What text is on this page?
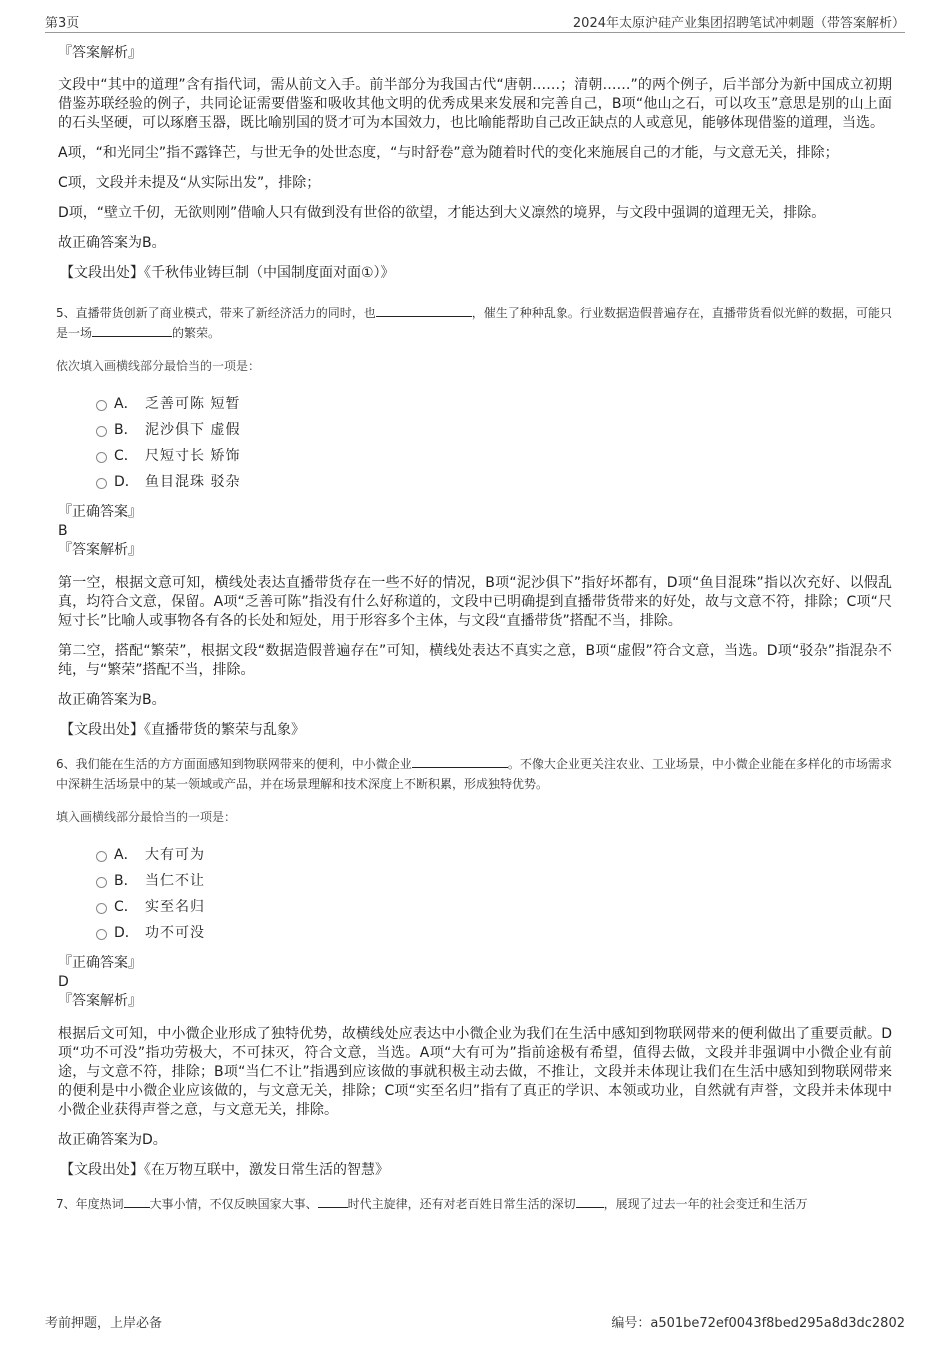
第3页	2024年太原沪硅产业集团招聘笔试冲刺题（带答案解析）
『答案解析』

文段中“其中的道理”含有指代词，需从前文入手。前半部分为我国古代“唐朝……；清朝……”的两个例子，后半部分为新中国成立初期借鉴苏联经验的例子，共同论证需要借鉴和吸收其他文明的优秀成果来发展和完善自己，B项“他山之石，可以攻玉”意思是别的山上面的石头坚硬，可以琢磨玉器，既比喻别国的贤才可为本国效力，也比喻能帮助自己改正缺点的人或意见，能够体现借鉴的道理，当选。

A项，“和光同尘”指不露锋芒，与世无争的处世态度，“与时舒卷”意为随着时代的变化来施展自己的才能，与文意无关，排除；

C项，文段并未提及“从实际出发”，排除；

D项，“壁立千仞，无欲则刚”借喻人只有做到没有世俗的欲望，才能达到大义凛然的境界，与文段中强调的道理无关，排除。

故正确答案为B。

【文段出处】《千秋伟业铸巨制（中国制度面对面①）》

5、直播带货创新了商业模式，带来了新经济活力的同时，也	，催生了种种乱象。行业数据造假普遍存在，直播带货看似光鲜的数据，可能只是一场	的繁荣。

依次填入画横线部分最恰当的一项是：
A． 乏善可陈 短暂
B． 泥沙俱下 虚假
C． 尺短寸长 矫饰
D． 鱼目混珠 驳杂
『正确答案』
B
『答案解析』

第一空，根据文意可知，横线处表达直播带货存在一些不好的情况，B项“泥沙俱下”指好坏都有，D项“鱼目混珠”指以次充好、以假乱真，均符合文意，保留。A项“乏善可陈”指没有什么好称道的，文段中已明确提到直播带货带来的好处，故与文意不符，排除；C项“尺短寸长”比喻人或事物各有各的长处和短处，用于形容多个主体，与文段“直播带货”搭配不当，排除。

第二空，搭配“繁荣”，根据文段“数据造假普遍存在”可知，横线处表达不真实之意，B项“虚假”符合文意，当选。D项“驳杂”指混杂不纯，与“繁荣”搭配不当，排除。

故正确答案为B。

【文段出处】《直播带货的繁荣与乱象》

6、我们能在生活的方方面面感知到物联网带来的便利，中小微企业	。不像大企业更关注农业、工业场景，中小微企业能在多样化的市场需求中深耕生活场景中的某一领域或产品，并在场景理解和技术深度上不断积累，形成独特优势。

填入画横线部分最恰当的一项是：
A． 大有可为
B． 当仁不让
C． 实至名归
D． 功不可没
『正确答案』
D
『答案解析』

根据后文可知，中小微企业形成了独特优势，故横线处应表达中小微企业为我们在生活中感知到物联网带来的便利做出了重要贡献。D项“功不可没”指功劳极大，不可抹灭，符合文意，当选。A项“大有可为”指前途极有希望，值得去做，文段并非强调中小微企业有前途，与文意不符，排除；B项“当仁不让”指遇到应该做的事就积极主动去做，不推让，文段并未体现让我们在生活中感知到物联网带来的便利是中小微企业应该做的，与文意无关，排除；C项“实至名归”指有了真正的学识、本领或功业，自然就有声誉，文段并未体现中小微企业获得声誉之意，与文意无关，排除。

故正确答案为D。

【文段出处】《在万物互联中，激发日常生活的智慧》

7、年度热词 大事小情，不仅反映国家大事、	时代主旋律，还有对老百姓日常生活的深切 ，展现了过去一年的社会变迁和生活万

考前押题，上岸必备	编号：a501be72ef0043f8bed295a8d3dc2802
